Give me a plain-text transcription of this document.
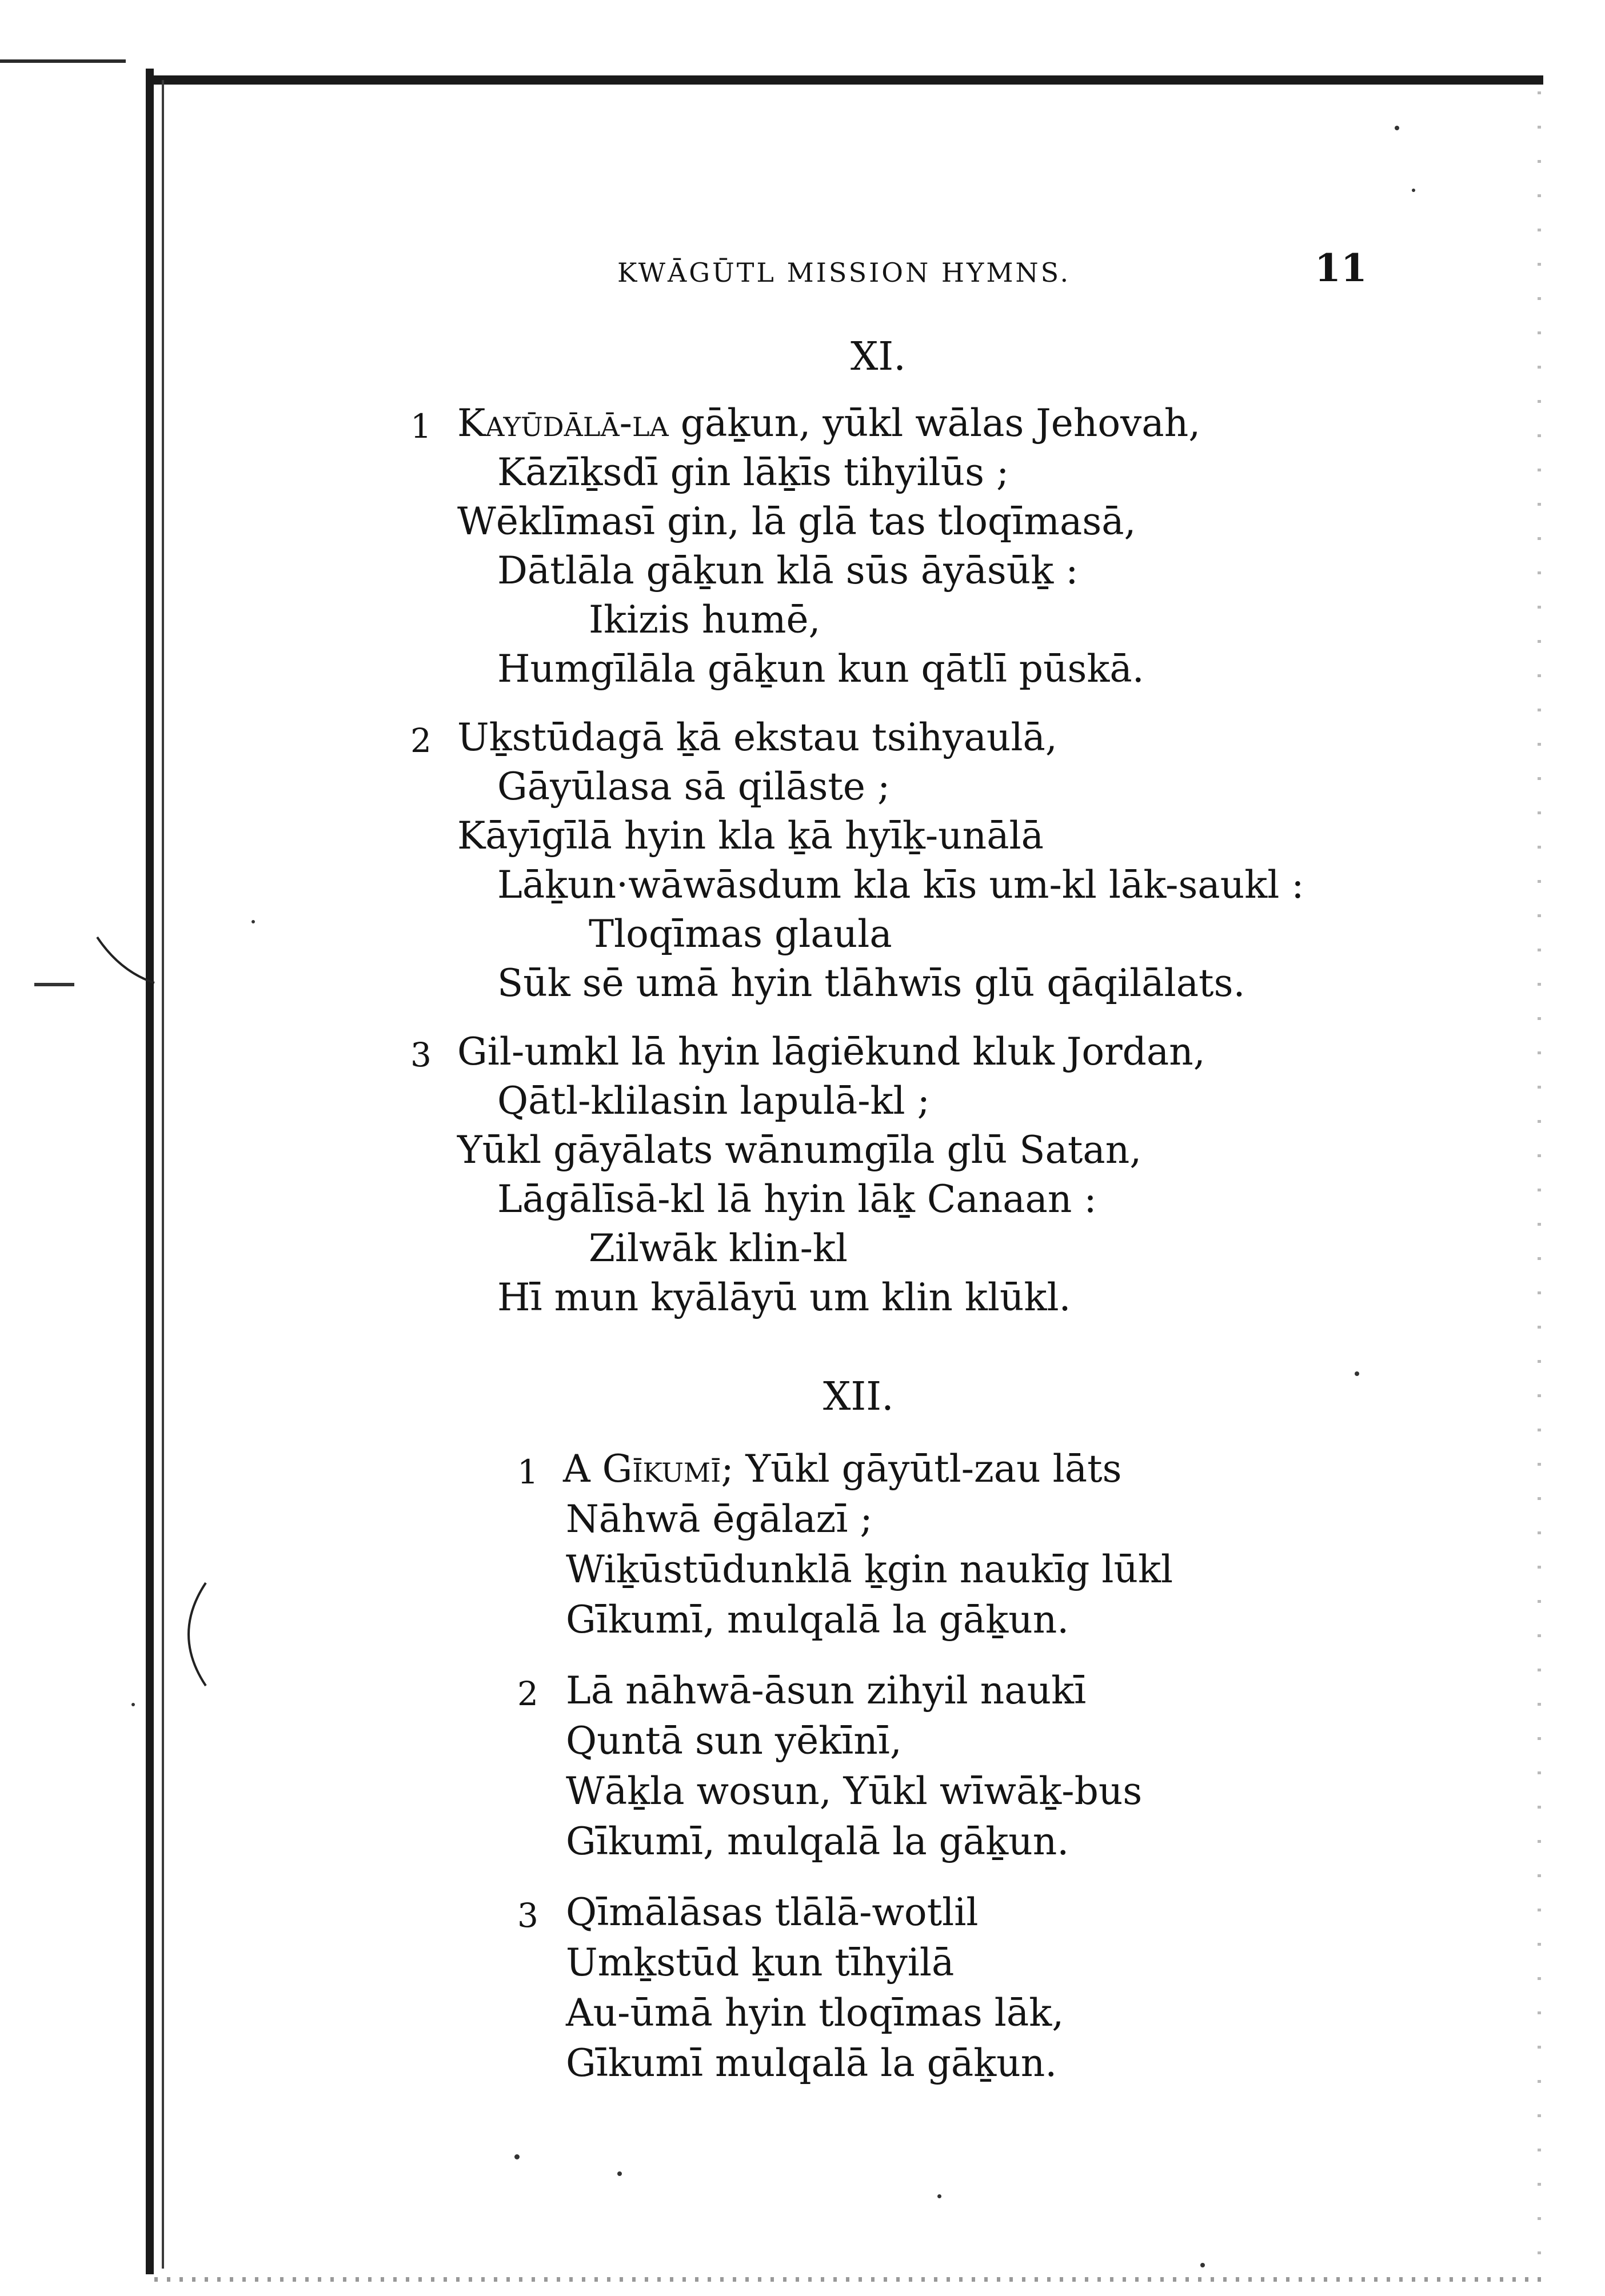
KWĀGŪTL MISSION HYMNS.	11
XI.
1 Kayūdālā-la gāḵun, yūkl wālas Jehovah,
Kāzīḵsdī gin lāḵīs tihyilūs ;
Wēklīmasī gin, lā glā tas tloqīmasā,
Dātlāla gāḵun klā sūs āyāsūḵ :
Ikizis humē,
Humgīlāla gāḵun kun qātlī pūskā.
2 Uḵstūdagā ḵā ekstau tsihyaulā,
Gāyūlasa sā qilāste ;
Kāyīgīlā hyin kla ḵā hyīḵ-unālā
Lāḵun·wāwāsdum kla kīs um-kl lāk-saukl :
Tloqīmas glaula
Sūk sē umā hyin tlāhwīs glū qāqilālats.
3 Gil-umkl lā hyin lāgiēkund kluk Jordan,
Qātl-klilasin lapulā-kl ;
Yūkl gāyālats wānumgīla glū Satan,
Lāgālīsā-kl lā hyin lāḵ Canaan :
Zilwāk klin-kl
Hī mun kyālāyū um klin klūkl.
XII.
1 A Gīkumī; Yūkl gāyūtl-zau lāts
Nāhwā ēgālazī ;
Wiḵūstūdunklā ḵgin naukīg lūkl
Gīkumī, mulqalā la gāḵun.
2 Lā nāhwā-āsun zihyil naukī
Quntā sun yēkīnī,
Wāḵla wosun, Yūkl wīwāḵ-bus
Gīkumī, mulqalā la gāḵun.
3 Qīmālāsas tlālā-wotlil
Umḵstūd ḵun tīhyilā
Au-ūmā hyin tloqīmas lāk,
Gīkumī mulqalā la gāḵun.
